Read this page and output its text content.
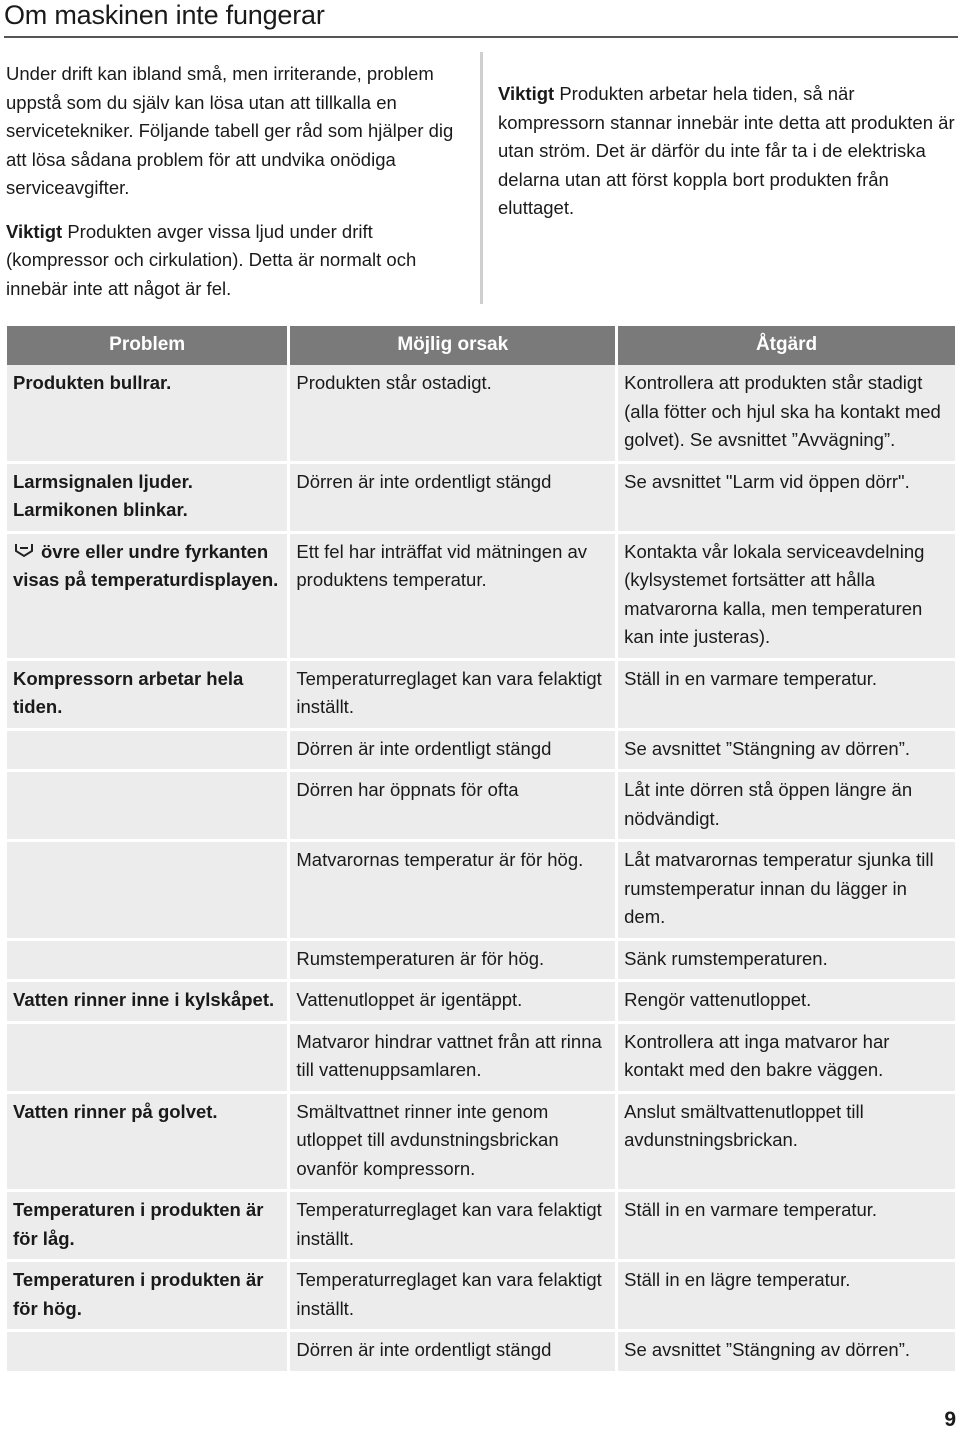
Om maskinen inte fungerar

Under drift kan ibland små, men irriterande, problem uppstå som du själv kan lösa utan att tillkalla en servicetekniker. Följande tabell ger råd som hjälper dig att lösa sådana problem för att undvika onödiga serviceavgifter.

Viktigt Produkten avger vissa ljud under drift (kompressor och cirkulation). Detta är normalt och innebär inte att något är fel.

Viktigt Produkten arbetar hela tiden, så när kompressorn stannar innebär inte detta att produkten är utan ström. Det är därför du inte får ta i de elektriska delarna utan att först koppla bort produkten från eluttaget.

Problem	Möjlig orsak	Åtgärd
Produkten bullrar.	Produkten står ostadigt.	Kontrollera att produkten står stadigt (alla fötter och hjul ska ha kontakt med golvet). Se avsnittet ”Avvägning”.
Larmsignalen ljuder. Larmikonen blinkar.	Dörren är inte ordentligt stängd	Se avsnittet "Larm vid öppen dörr".
övre eller undre fyrkanten visas på temperaturdisplayen.	Ett fel har inträffat vid mätningen av produktens temperatur.	Kontakta vår lokala serviceavdelning (kylsystemet fortsätter att hålla matvarorna kalla, men temperaturen kan inte justeras).
Kompressorn arbetar hela tiden.	Temperaturreglaget kan vara felaktigt inställt.	Ställ in en varmare temperatur.
	Dörren är inte ordentligt stängd	Se avsnittet ”Stängning av dörren”.
	Dörren har öppnats för ofta	Låt inte dörren stå öppen längre än nödvändigt.
	Matvarornas temperatur är för hög.	Låt matvarornas temperatur sjunka till rumstemperatur innan du lägger in dem.
	Rumstemperaturen är för hög.	Sänk rumstemperaturen.
Vatten rinner inne i kylskåpet.	Vattenutloppet är igentäppt.	Rengör vattenutloppet.
	Matvaror hindrar vattnet från att rinna till vattenuppsamlaren.	Kontrollera att inga matvaror har kontakt med den bakre väggen.
Vatten rinner på golvet.	Smältvattnet rinner inte genom utloppet till avdunstningsbrickan ovanför kompressorn.	Anslut smältvattenutloppet till avdunstningsbrickan.
Temperaturen i produkten är för låg.	Temperaturreglaget kan vara felaktigt inställt.	Ställ in en varmare temperatur.
Temperaturen i produkten är för hög.	Temperaturreglaget kan vara felaktigt inställt.	Ställ in en lägre temperatur.
	Dörren är inte ordentligt stängd	Se avsnittet ”Stängning av dörren”.
9
